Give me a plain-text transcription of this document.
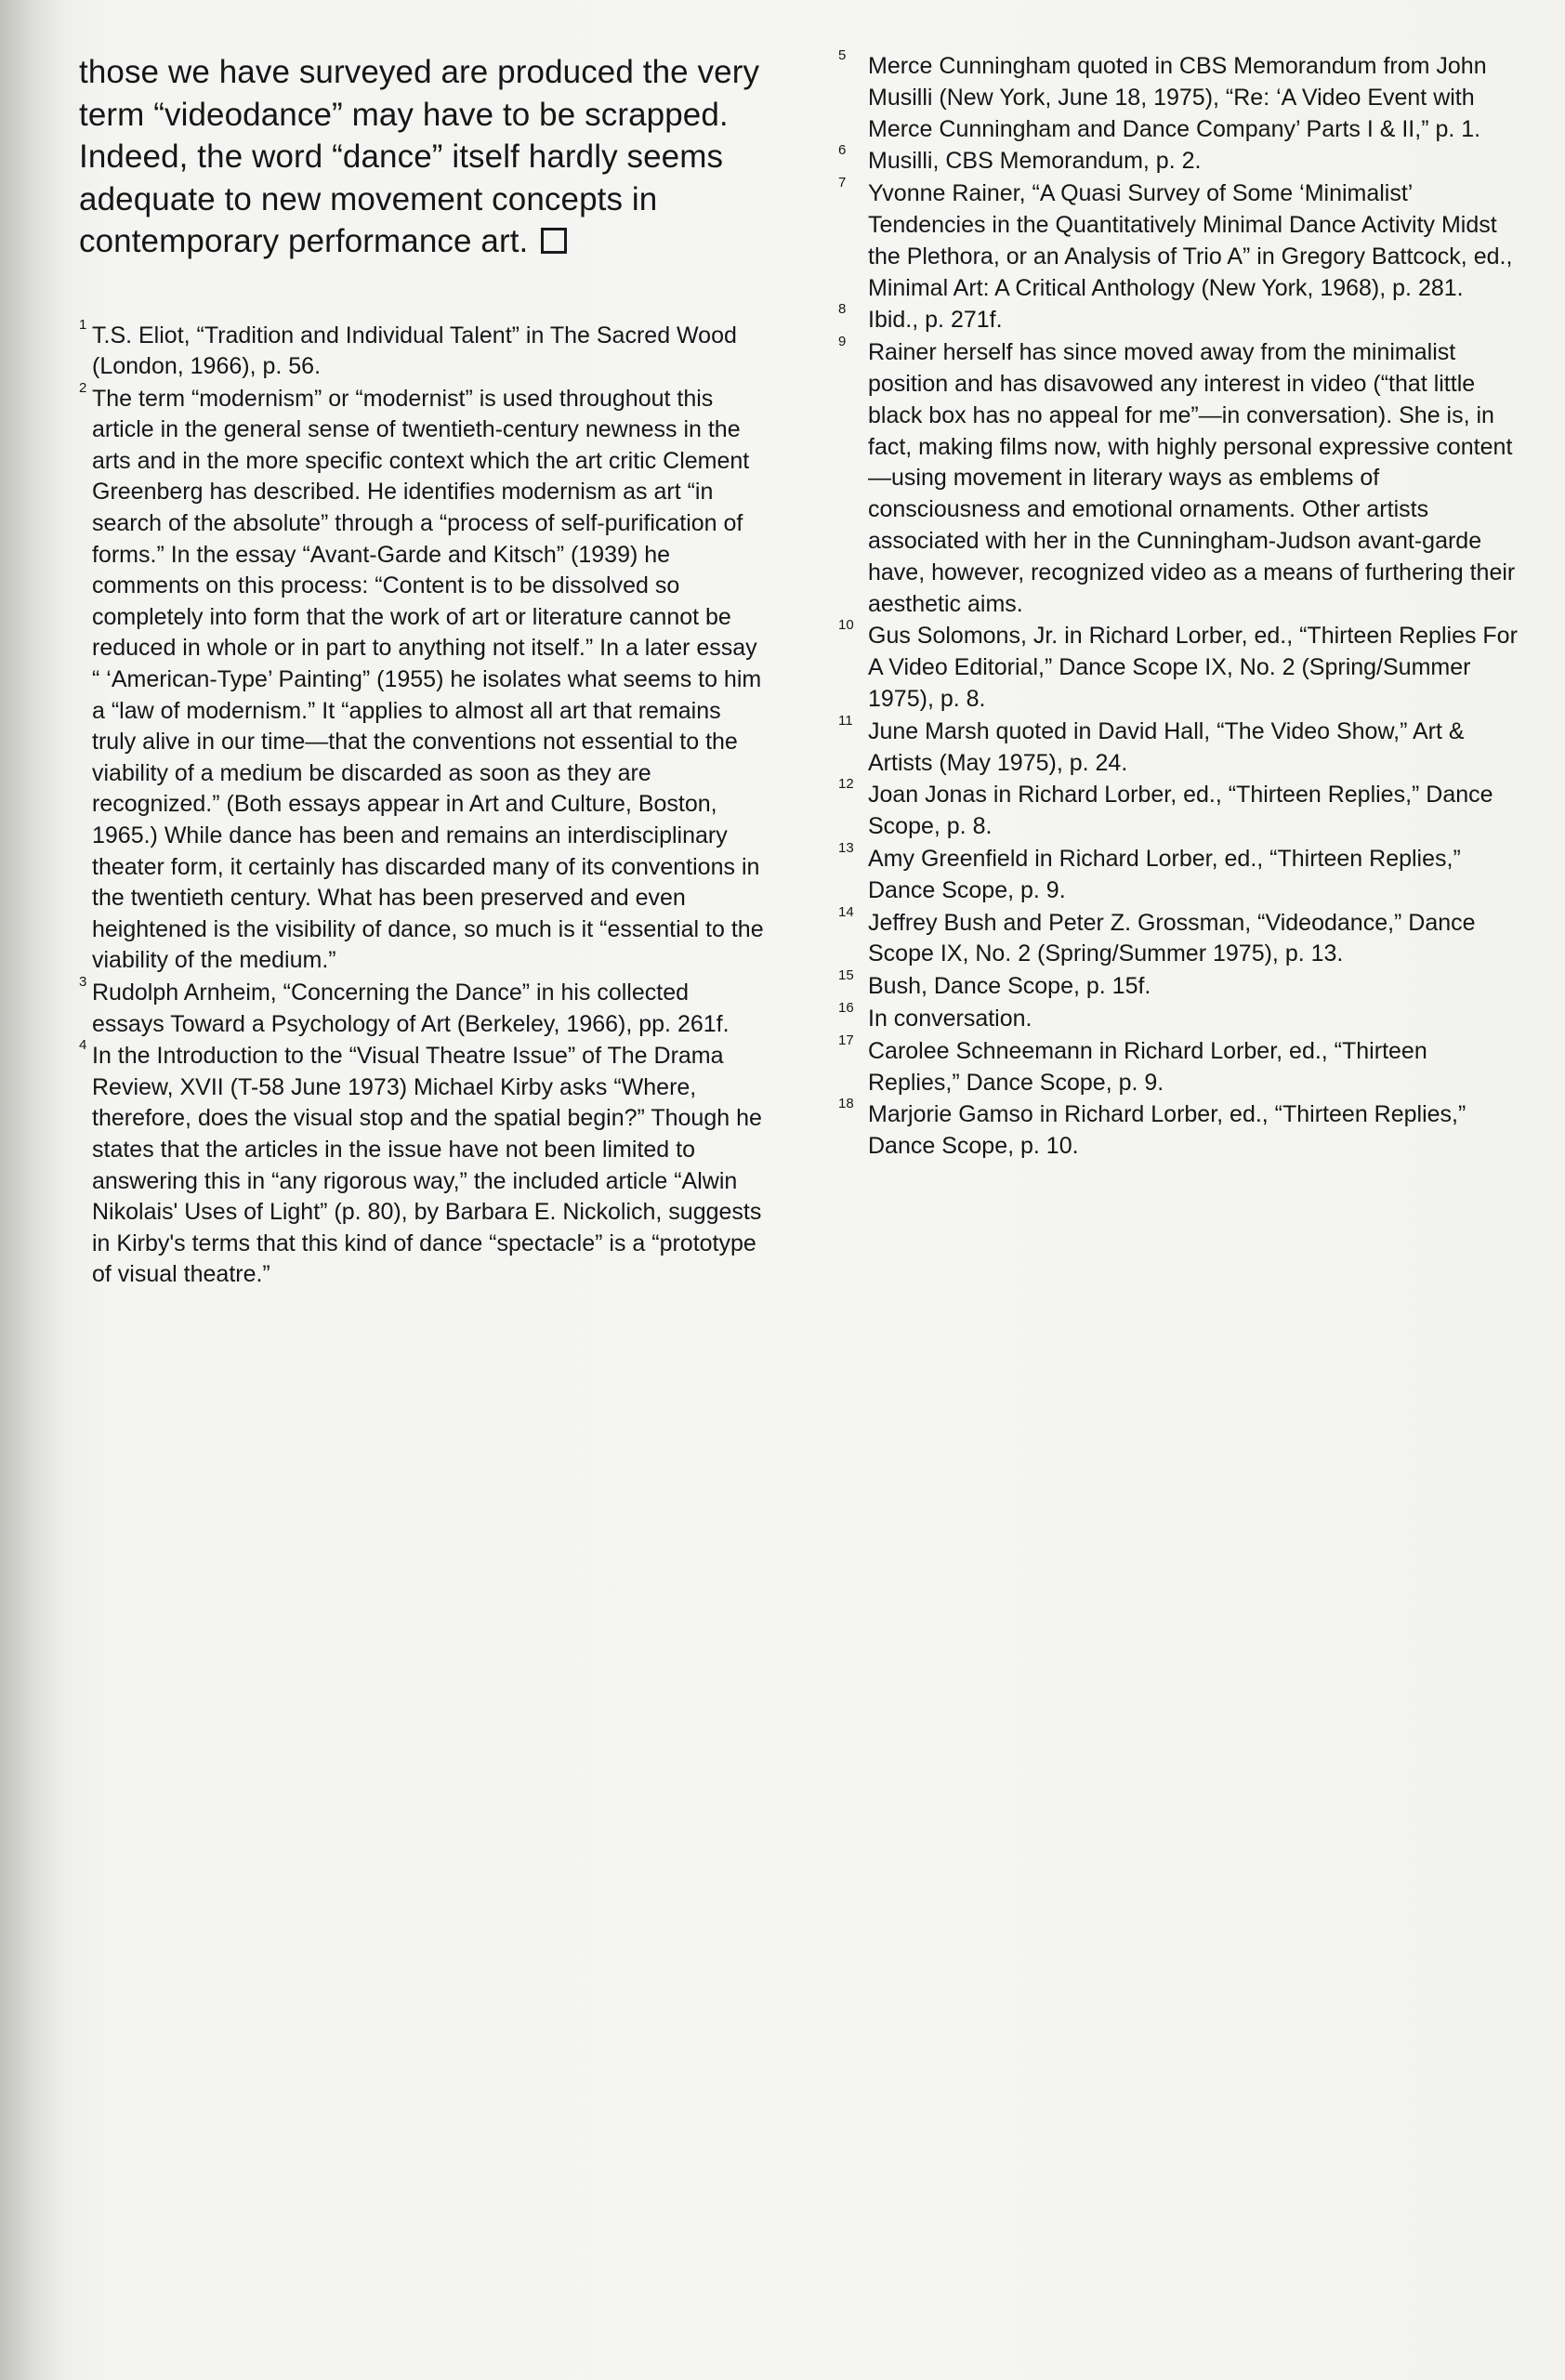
those we have surveyed are produced the very term “videodance” may have to be scrapped. Indeed, the word “dance” itself hardly seems adequate to new movement concepts in contemporary performance art.

1 T.S. Eliot, “Tradition and Individual Talent” in The Sacred Wood (London, 1966), p. 56.

2 The term “modernism” or “modernist” is used throughout this article in the general sense of twentieth-century newness in the arts and in the more specific context which the art critic Clement Greenberg has described. He identifies modernism as art “in search of the absolute” through a “process of self-purification of forms.” In the essay “Avant-Garde and Kitsch” (1939) he comments on this process: “Content is to be dissolved so completely into form that the work of art or literature cannot be reduced in whole or in part to anything not itself.” In a later essay “ ‘American-Type’ Painting” (1955) he isolates what seems to him a “law of modernism.” It “applies to almost all art that remains truly alive in our time—that the conventions not essential to the viability of a medium be discarded as soon as they are recognized.” (Both essays appear in Art and Culture, Boston, 1965.) While dance has been and remains an interdisciplinary theater form, it certainly has discarded many of its conventions in the twentieth century. What has been preserved and even heightened is the visibility of dance, so much is it “essential to the viability of the medium.”

3 Rudolph Arnheim, “Concerning the Dance” in his collected essays Toward a Psychology of Art (Berkeley, 1966), pp. 261f.

4 In the Introduction to the “Visual Theatre Issue” of The Drama Review, XVII (T-58 June 1973) Michael Kirby asks “Where, therefore, does the visual stop and the spatial begin?” Though he states that the articles in the issue have not been limited to answering this in “any rigorous way,” the included article “Alwin Nikolais' Uses of Light” (p. 80), by Barbara E. Nickolich, suggests in Kirby's terms that this kind of dance “spectacle” is a “prototype of visual theatre.”

5 Merce Cunningham quoted in CBS Memorandum from John Musilli (New York, June 18, 1975), “Re: ‘A Video Event with Merce Cunningham and Dance Company’ Parts I & II,” p. 1.

6 Musilli, CBS Memorandum, p. 2.

7 Yvonne Rainer, “A Quasi Survey of Some ‘Minimalist’ Tendencies in the Quantitatively Minimal Dance Activity Midst the Plethora, or an Analysis of Trio A” in Gregory Battcock, ed., Minimal Art: A Critical Anthology (New York, 1968), p. 281.

8 Ibid., p. 271f.

9 Rainer herself has since moved away from the minimalist position and has disavowed any interest in video (“that little black box has no appeal for me”—in conversation). She is, in fact, making films now, with highly personal expressive content—using movement in literary ways as emblems of consciousness and emotional ornaments. Other artists associated with her in the Cunningham-Judson avant-garde have, however, recognized video as a means of furthering their aesthetic aims.

10 Gus Solomons, Jr. in Richard Lorber, ed., “Thirteen Replies For A Video Editorial,” Dance Scope IX, No. 2 (Spring/Summer 1975), p. 8.

11 June Marsh quoted in David Hall, “The Video Show,” Art & Artists (May 1975), p. 24.

12 Joan Jonas in Richard Lorber, ed., “Thirteen Replies,” Dance Scope, p. 8.

13 Amy Greenfield in Richard Lorber, ed., “Thirteen Replies,” Dance Scope, p. 9.

14 Jeffrey Bush and Peter Z. Grossman, “Videodance,” Dance Scope IX, No. 2 (Spring/Summer 1975), p. 13.

15 Bush, Dance Scope, p. 15f.

16 In conversation.

17 Carolee Schneemann in Richard Lorber, ed., “Thirteen Replies,” Dance Scope, p. 9.

18 Marjorie Gamso in Richard Lorber, ed., “Thirteen Replies,” Dance Scope, p. 10.
